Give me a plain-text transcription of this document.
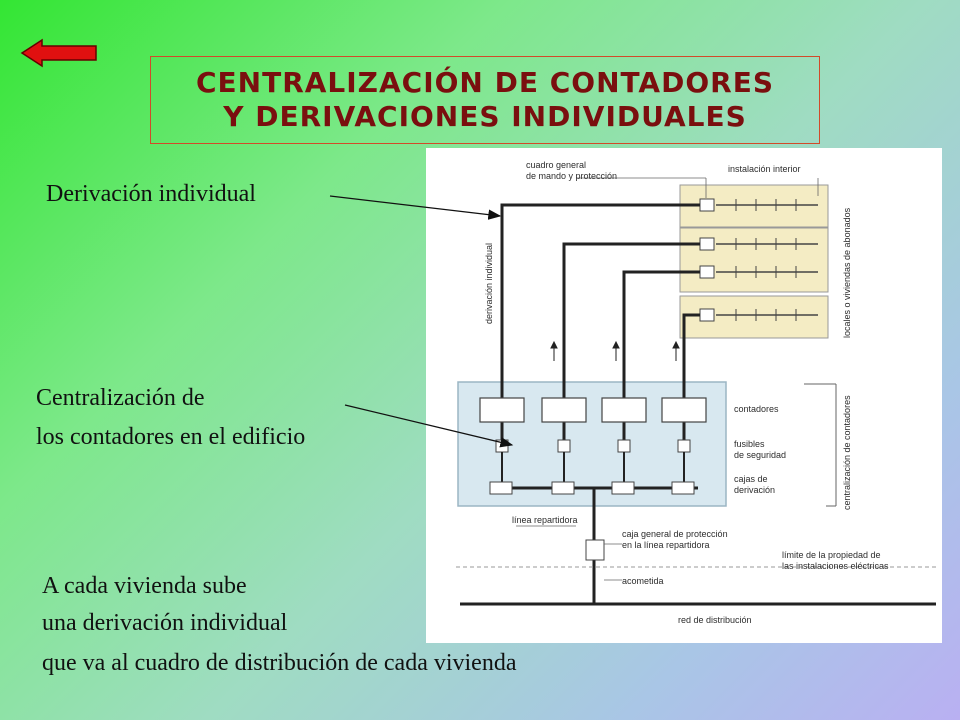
CENTRALIZACIÓN DE CONTADORES
Y DERIVACIONES INDIVIDUALES
Derivación individual
Centralización de
los contadores en el edificio
A cada vivienda sube
una derivación individual
que va al cuadro de distribución de cada vivienda
cuadro general
de mando y protección
instalación interior
derivación individual	locales o viviendas de abonados
contadores
fusibles
de seguridad
cajas de
derivación	centralización de contadores
línea repartidora
caja general de protección
en la línea repartidora
límite de la propiedad de
las instalaciones eléctricas
acometida
red de distribución
